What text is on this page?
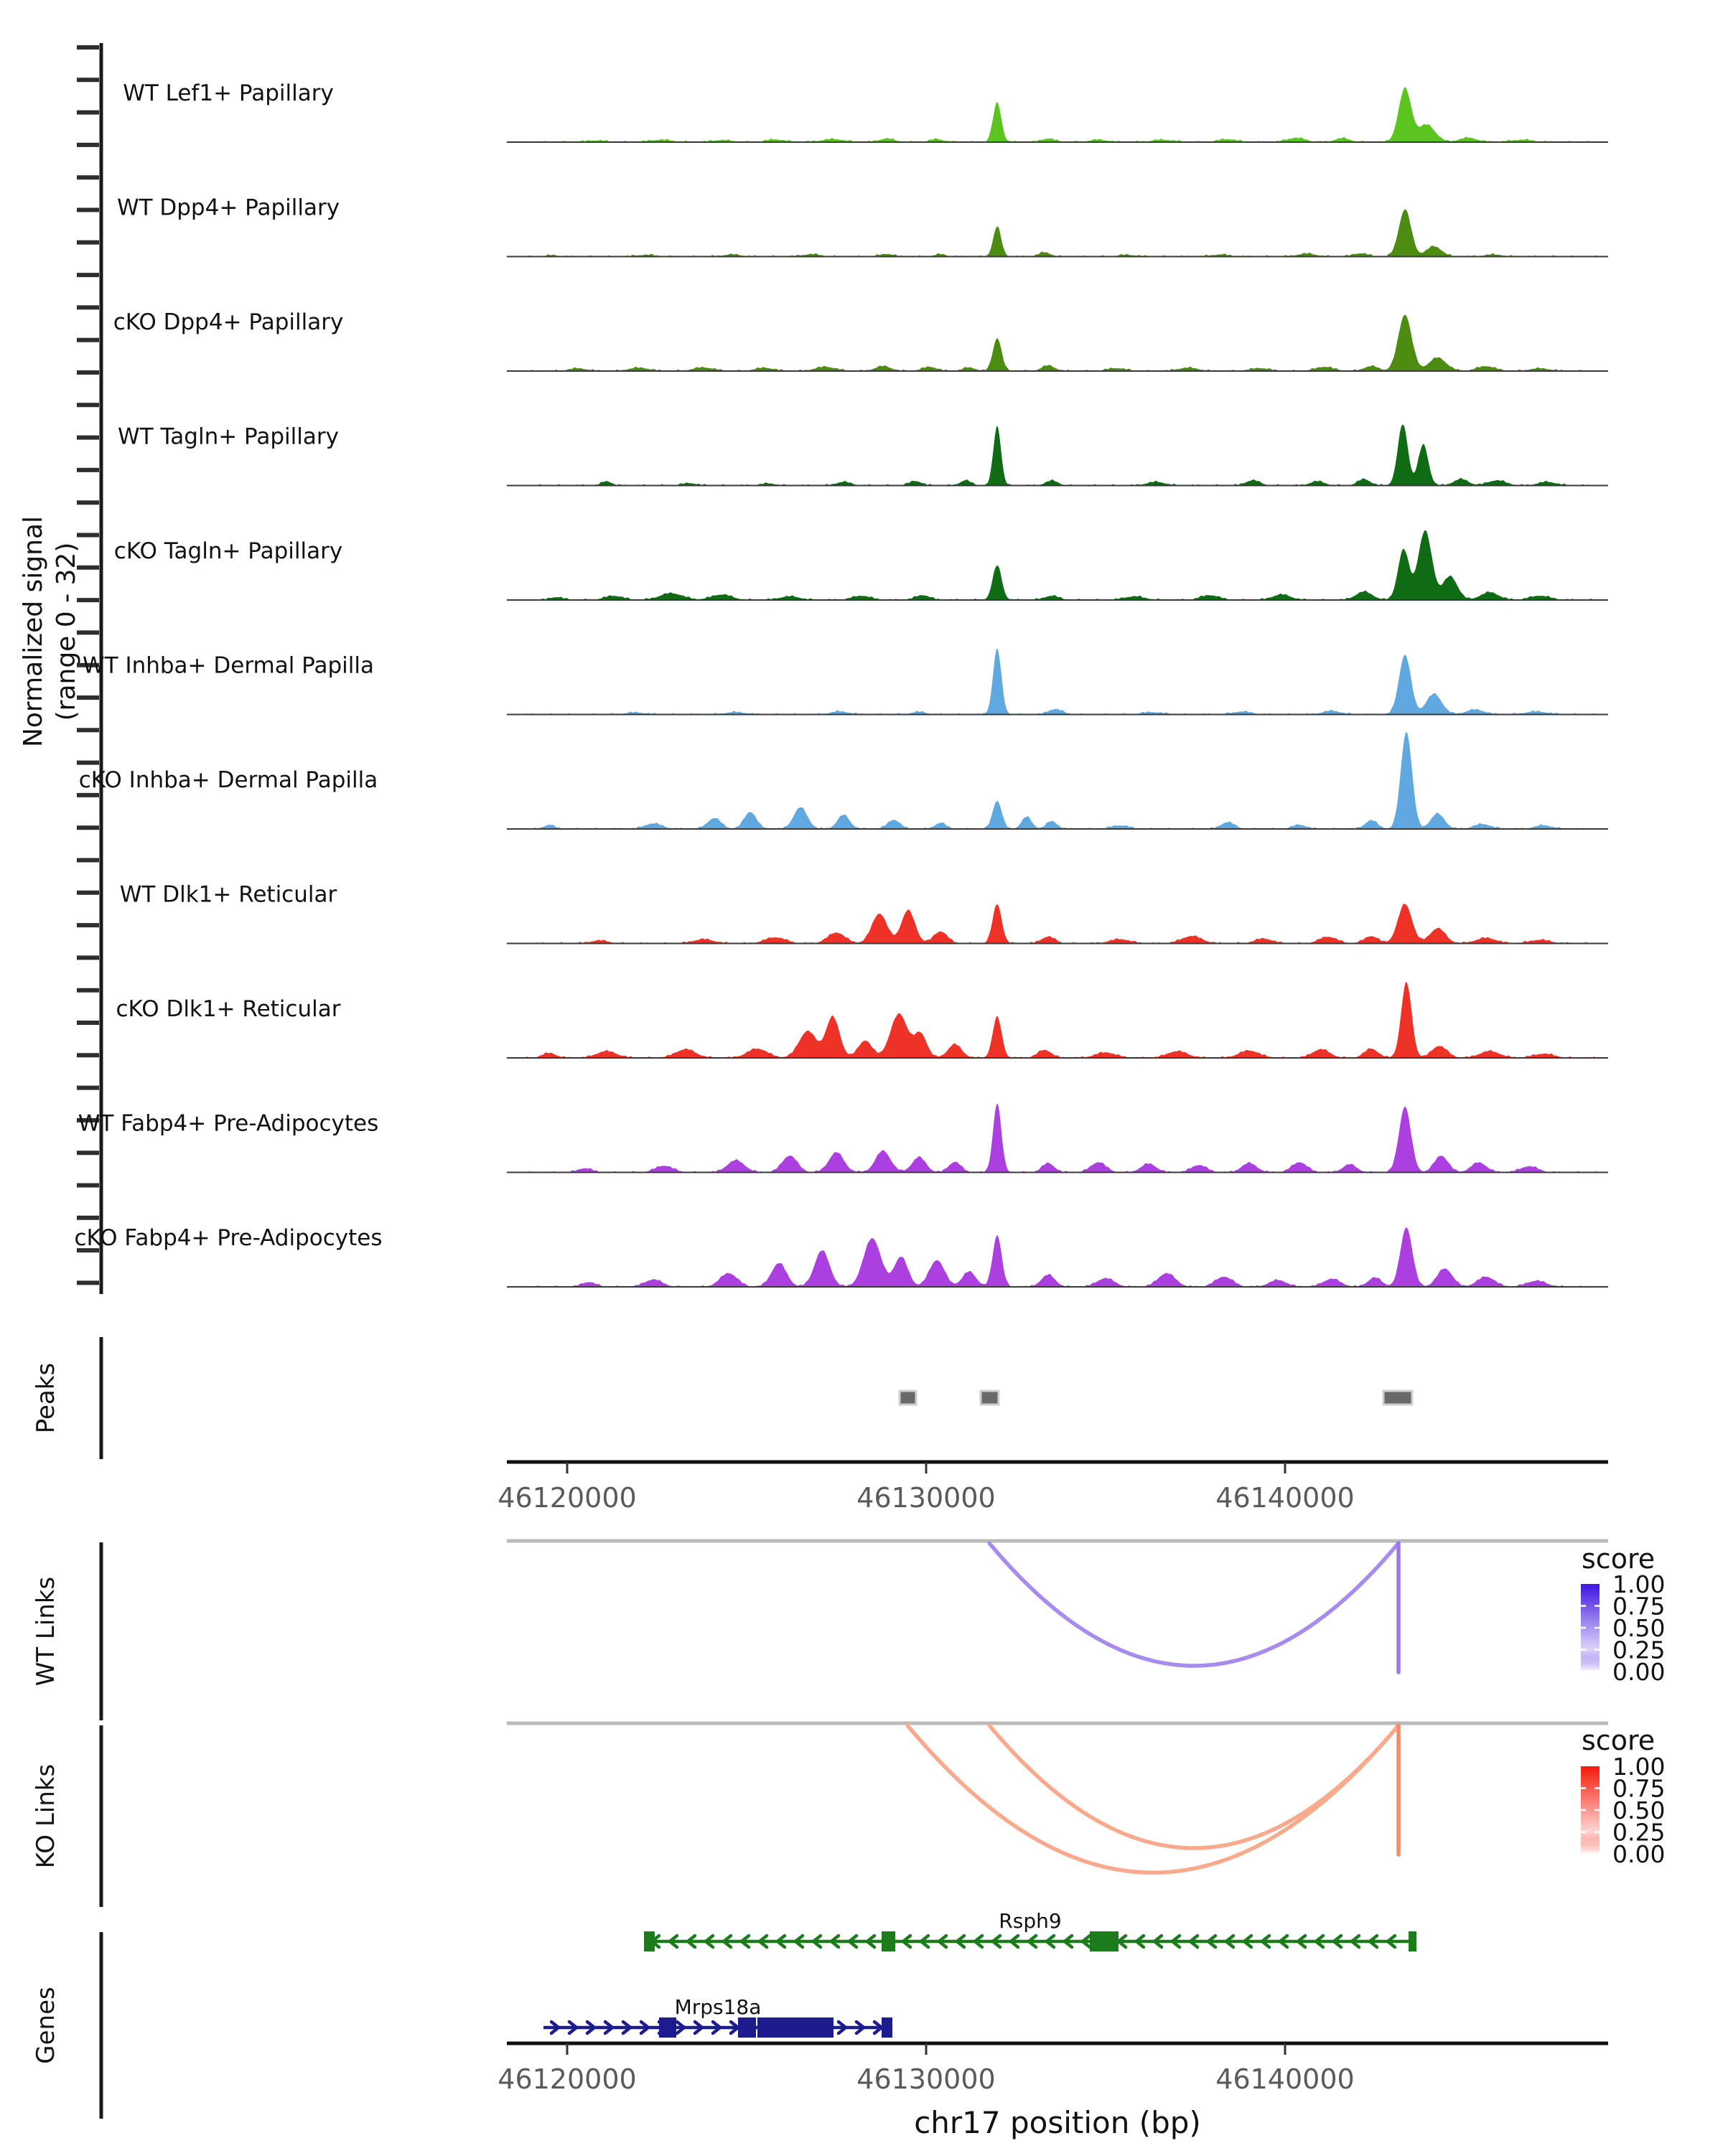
Normalized signal (range 0 - 32)
WT Lef1+ Papillary
WT Dpp4+ Papillary
cKO Dpp4+ Papillary
WT Tagln+ Papillary
cKO Tagln+ Papillary
WT Inhba+ Dermal Papilla
cKO Inhba+ Dermal Papilla
WT Dlk1+ Reticular
cKO Dlk1+ Reticular
WT Fabp4+ Pre-Adipocytes
cKO Fabp4+ Pre-Adipocytes
Peaks
46120000	46130000	46140000
WT Links
score
1.00
0.75
0.50
0.25
0.00
KO Links
score
1.00
0.75
0.50
0.25
0.00
Genes
Rsph9
Mrps18a
46120000	46130000	46140000
chr17 position (bp)
